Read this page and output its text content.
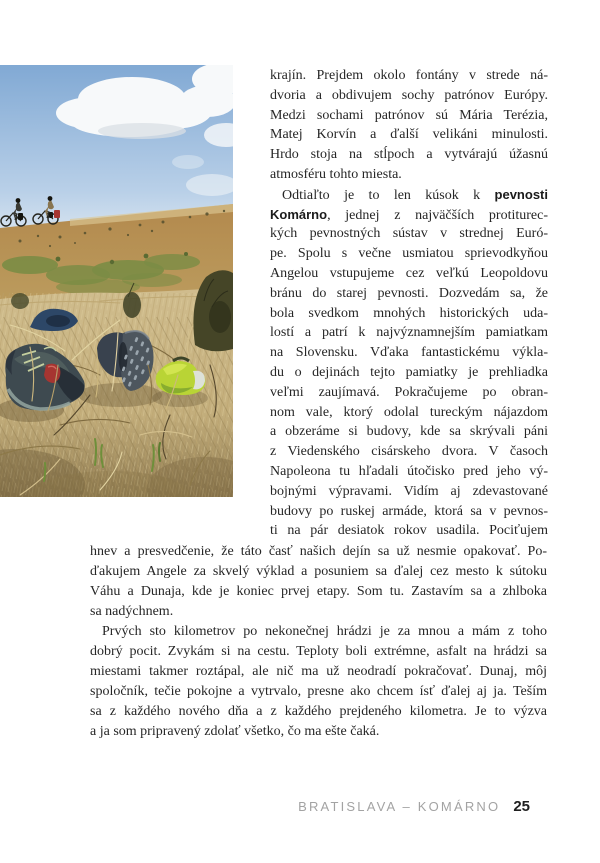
krajín. Prejdem okolo fontány v strede ná-
dvoria a obdivujem sochy patrónov Európy.
Medzi sochami patrónov sú Mária Terézia,
Matej Korvín a ďalší velikáni minulosti.
Hrdo stoja na stĺpoch a vytvárajú úžasnú
atmosféru tohto miesta.
Odtiaľto je to len kúsok k pevnosti
Komárno, jednej z najväčších protiturec-
kých pevnostných sústav v strednej Euró-
pe. Spolu s večne usmiatou sprievodkyňou
Angelou vstupujeme cez veľkú Leopoldovu
bránu do starej pevnosti. Dozvedám sa, že
bola svedkom mnohých historických uda-
lostí a patrí k najvýznamnejším pamiatkam
na Slovensku. Vďaka fantastickému výkla-
du o dejinách tejto pamiatky je prehliadka
veľmi zaujímavá. Pokračujeme po obran-
nom vale, ktorý odolal tureckým nájazdom
a obzeráme si budovy, kde sa skrývali páni
z Viedenského cisárskeho dvora. V časoch
Napoleona tu hľadali útočisko pred jeho vý-
bojnými výpravami. Vidím aj zdevastované
budovy po ruskej armáde, ktorá sa v pevnos-
ti na pár desiatok rokov usadila. Pociťujem
hnev a presvedčenie, že táto časť našich dejín sa už nesmie opakovať. Po-
ďakujem Angele za skvelý výklad a posuniem sa ďalej cez mesto k sútoku
Váhu a Dunaja, kde je koniec prvej etapy. Som tu. Zastavím sa a zhlboka
sa nadýchnem.
Prvých sto kilometrov po nekonečnej hrádzi je za mnou a mám z toho
dobrý pocit. Zvykám si na cestu. Teploty boli extrémne, asfalt na hrádzi sa
miestami takmer roztápal, ale nič ma už neodradí pokračovať. Dunaj, môj
spoločník, tečie pokojne a vytrvalo, presne ako chcem ísť ďalej aj ja. Teším
sa z každého nového dňa a z každého prejdeného kilometra. Je to výzva
a ja som pripravený zdolať všetko, čo ma ešte čaká.
BRATISLAVA – KOMÁRNO 25
